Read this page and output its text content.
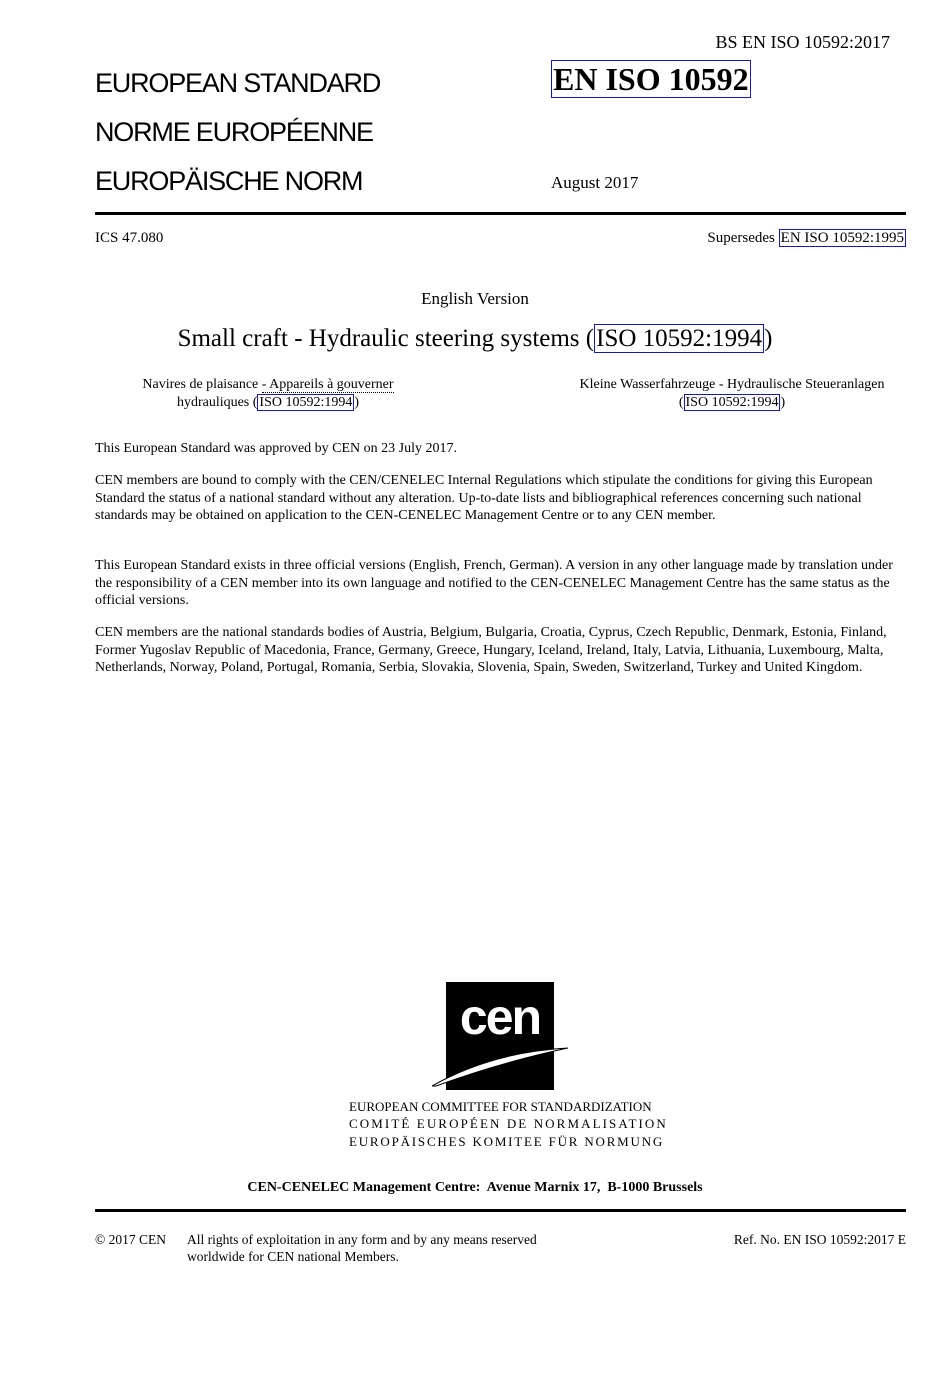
BS EN ISO 10592:2017
EUROPEAN STANDARD
NORME EUROPÉENNE
EUROPÄISCHE NORM
EN ISO 10592
August 2017
ICS 47.080	Supersedes EN ISO 10592:1995
English Version
Small craft - Hydraulic steering systems (ISO 10592:1994)
Navires de plaisance - Appareils à gouverner
hydrauliques ( ISO 10592:1994 )
Kleine Wasserfahrzeuge - Hydraulische Steueranlagen
( ISO 10592:1994 )
This European Standard was approved by CEN on 23 July 2017.
CEN members are bound to comply with the CEN/CENELEC Internal Regulations which stipulate the conditions for giving this European Standard the status of a national standard without any alteration. Up-to-date lists and bibliographical references concerning such national standards may be obtained on application to the CEN-CENELEC Management Centre or to any CEN member.
This European Standard exists in three official versions (English, French, German). A version in any other language made by translation under the responsibility of a CEN member into its own language and notified to the CEN-CENELEC Management Centre has the same status as the official versions.
CEN members are the national standards bodies of Austria, Belgium, Bulgaria, Croatia, Cyprus, Czech Republic, Denmark, Estonia, Finland, Former Yugoslav Republic of Macedonia, France, Germany, Greece, Hungary, Iceland, Ireland, Italy, Latvia, Lithuania, Luxembourg, Malta, Netherlands, Norway, Poland, Portugal, Romania, Serbia, Slovakia, Slovenia, Spain, Sweden, Switzerland, Turkey and United Kingdom.
cen
EUROPEAN COMMITTEE FOR STANDARDIZATION
COMITÉ EUROPÉEN DE NORMALISATION
EUROPÄISCHES KOMITEE FÜR NORMUNG
CEN-CENELEC Management Centre:  Avenue Marnix 17,  B-1000 Brussels
© 2017 CEN All rights of exploitation in any form and by any means reserved worldwide for CEN national Members.
Ref. No. EN ISO 10592:2017 E
